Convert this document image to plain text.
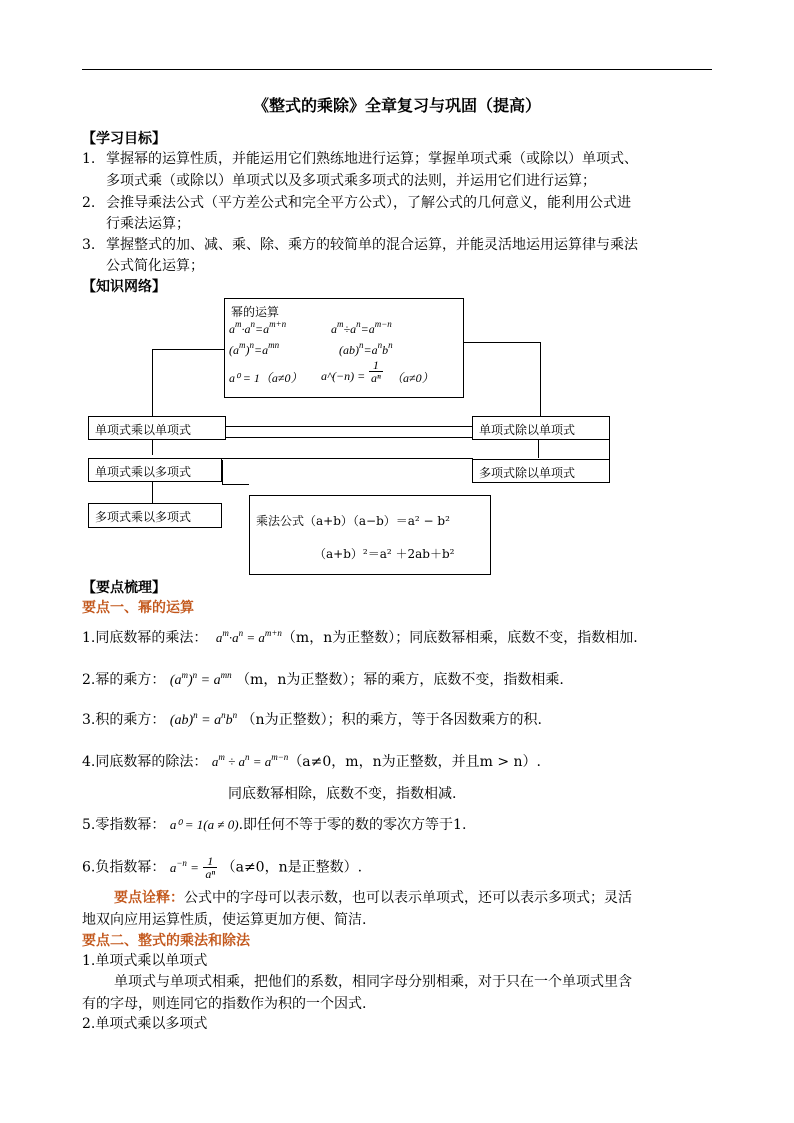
《整式的乘除》全章复习与巩固（提高）
【学习目标】
1. 掌握幂的运算性质，并能运用它们熟练地进行运算；掌握单项式乘（或除以）单项式、
多项式乘（或除以）单项式以及多项式乘多项式的法则，并运用它们进行运算；
2. 会推导乘法公式（平方差公式和完全平方公式），了解公式的几何意义，能利用公式进
行乘法运算；
3. 掌握整式的加、减、乘、除、乘方的较简单的混合运算，并能灵活地运用运算律与乘法
公式简化运算；
【知识网络】
幂的运算
$a^m\cdot a^n=a^{m+n}$	$a^m\div a^n=a^{m-n}$
$(a^m)^n=a^{mn}$	$(ab)^n=a^nb^n$
a⁰ = 1（a≠0） a^(−n) = $\frac{1}{\text{aⁿ}} (a\ne 0)$
单项式乘以单项式	单项式除以单项式
单项式乘以多项式	多项式除以单项式
多项式乘以多项式	乘法公式（a+b）（a−b）＝a² − b²
（a+b）²＝a² ＋2ab＋b²
【要点梳理】
要点一、幂的运算
1.同底数幂的乘法： $a^m\cdot a^n = a^{m+n}(m$，n为正整数）；同底数幂相乘，底数不变，指数相加.
2.幂的乘方： $(a^m)^n = a^{mn}$ （m，n为正整数）；幂的乘方，底数不变，指数相乘.
3.积的乘方： $(ab)^n = a^nb^n$ （n为正整数）；积的乘方，等于各因数乘方的积.
4.同底数幂的除法： $a^m \div a^n = a^{m-n}(a\ne 0$，m，n为正整数，并且m > n）.
同底数幂相除，底数不变，指数相减.
5.零指数幂： a⁰ = 1(a ≠ 0).即任何不等于零的数的零次方等于1.
6.负指数幂： $a^{-n} = \frac{1}{\text{aⁿ}} (a\ne 0$，n是正整数）.
要点诠释：公式中的字母可以表示数，也可以表示单项式，还可以表示多项式；灵活
地双向应用运算性质，使运算更加方便、简洁.
要点二、整式的乘法和除法
1.单项式乘以单项式
单项式与单项式相乘，把他们的系数，相同字母分别相乘，对于只在一个单项式里含
有的字母，则连同它的指数作为积的一个因式.
2.单项式乘以多项式
